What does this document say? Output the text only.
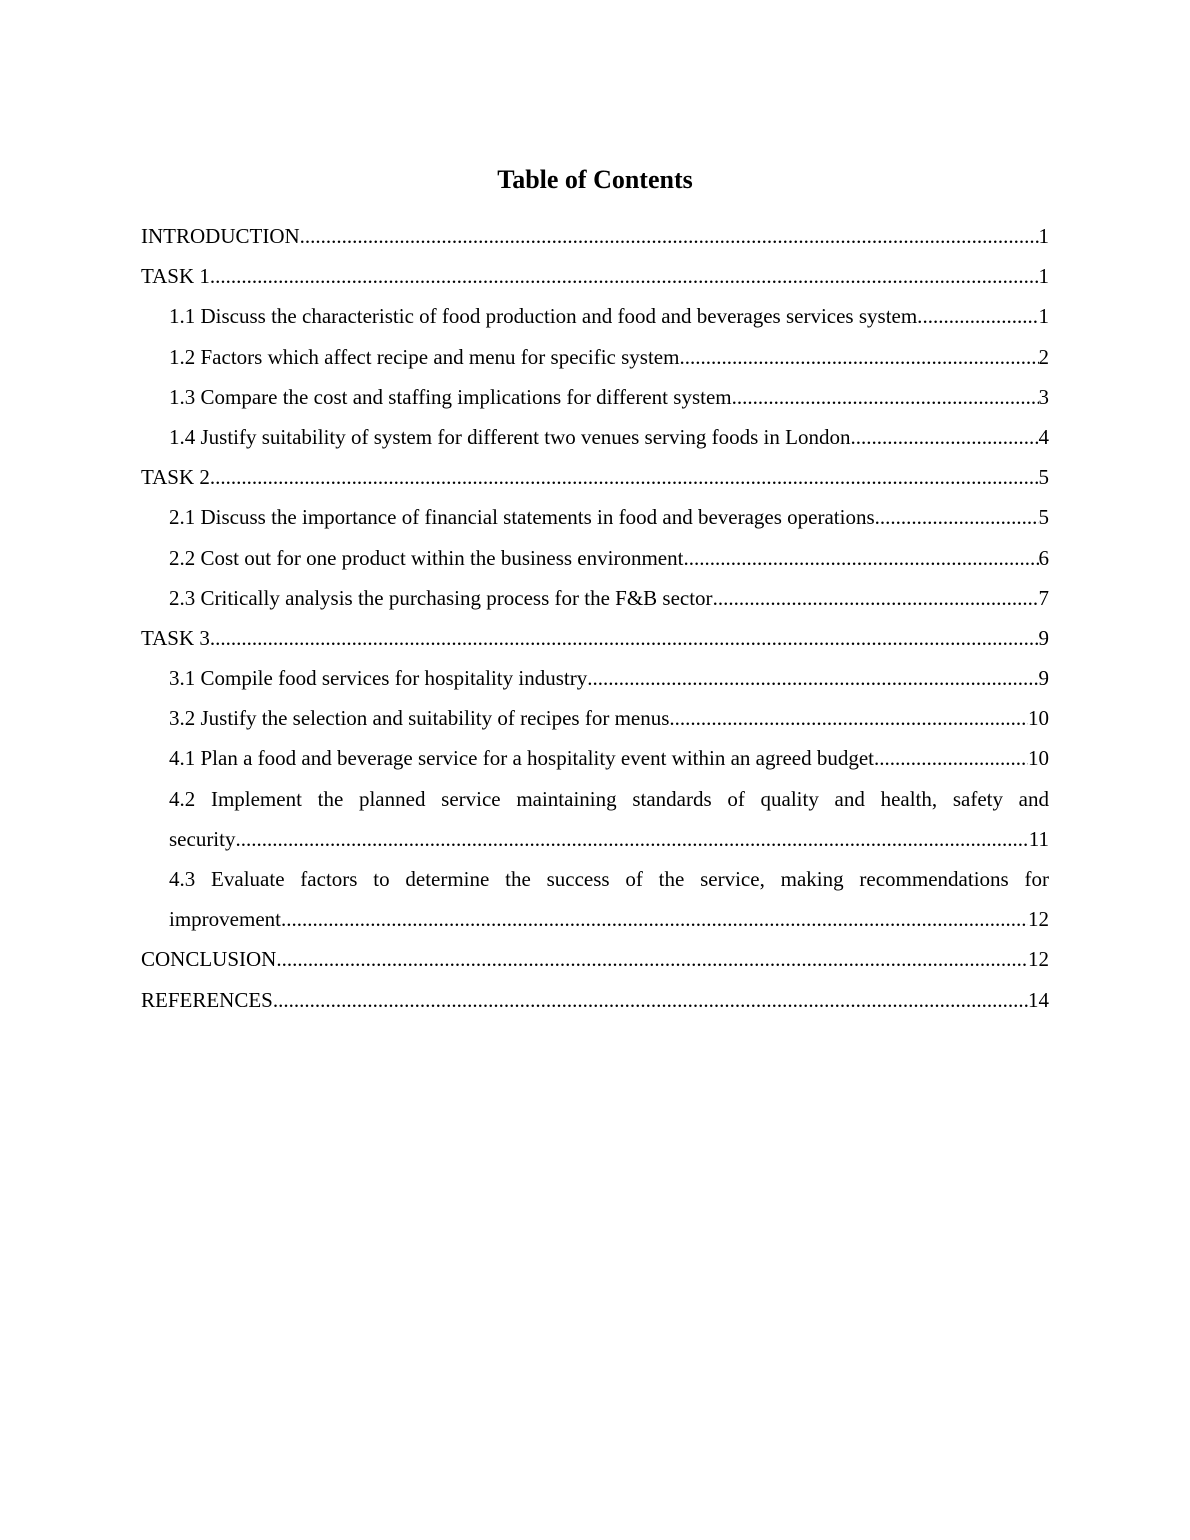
Table of Contents
INTRODUCTION .....	1
TASK 1 .....	1
1.1 Discuss the characteristic of food production and food and beverages services system. .....	1
1.2 Factors which affect recipe and menu for specific system .....	2
1.3 Compare the cost and staffing implications for different system .....	3
1.4 Justify suitability of system for different two venues serving foods in London .....	4
TASK 2 .....	5
2.1 Discuss the importance of financial statements in food and beverages operations .....	5
2.2 Cost out for one product within the business environment .....	6
2.3 Critically analysis the purchasing process for the F&B sector .....	7
TASK 3 .....	9
3.1 Compile food services for hospitality industry .....	9
3.2 Justify the selection and suitability of recipes for menus .....	10
4.1 Plan a food and beverage service for a hospitality event within an agreed budget .....	10
4.2 Implement the planned service maintaining standards of quality and health, safety and
security .....	11
4.3 Evaluate factors to determine the success of the service, making recommendations for
improvement .....	12
CONCLUSION .....	12
REFERENCES .....	14
